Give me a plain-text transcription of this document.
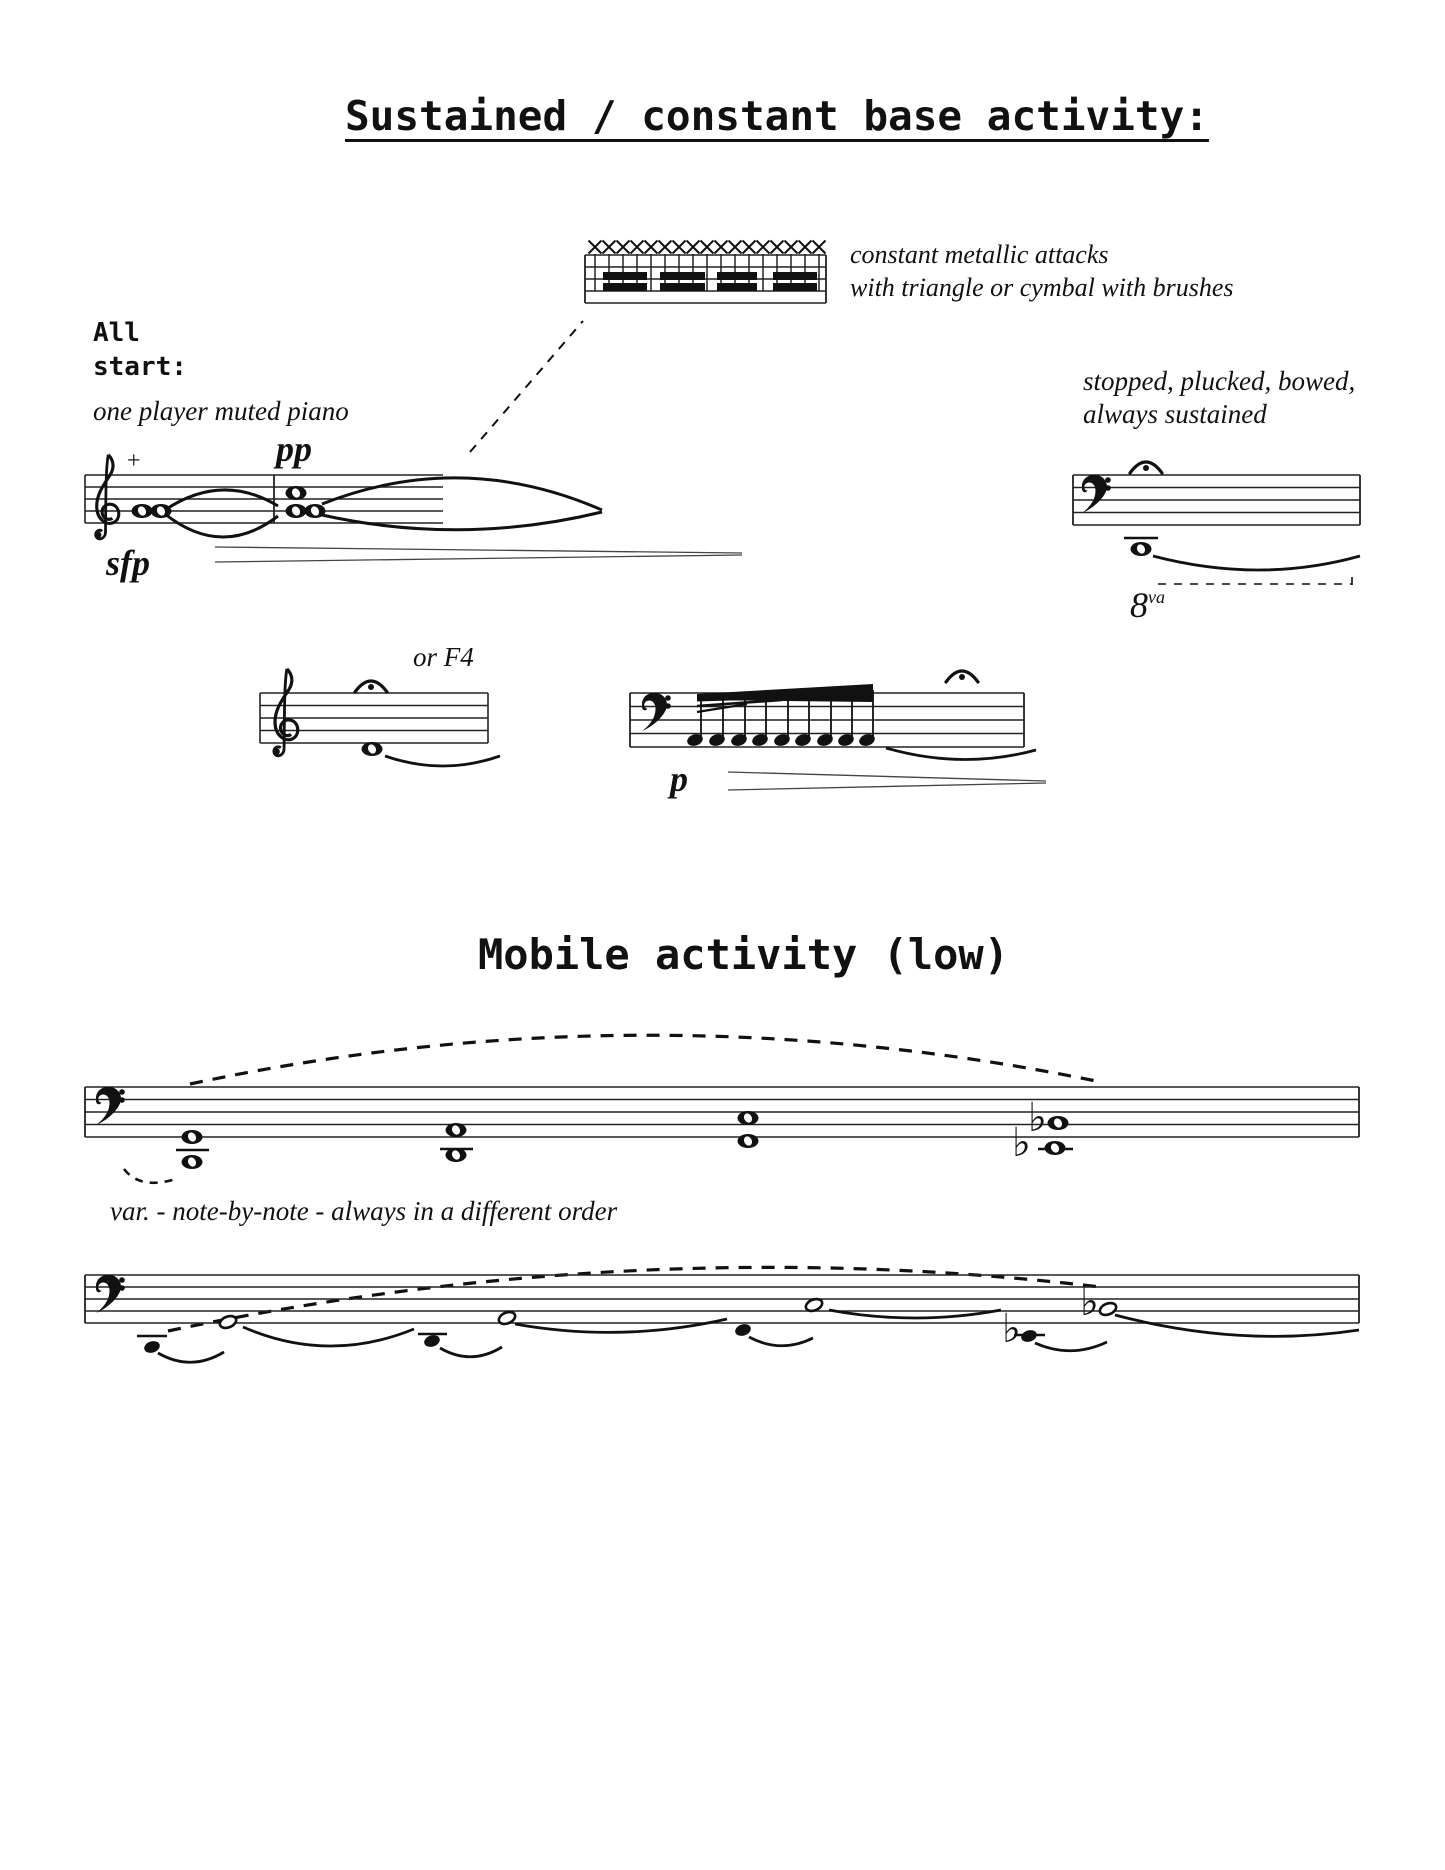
♭
♭
♭
♭
Sustained / constant base activity:
constant metallic attacks
with triangle or cymbal with brushes
All
start:
one player muted piano
stopped, plucked, bowed,
always sustained
+	pp
sfp

8va

or F4
p
Mobile activity (low)
var. - note-by-note - always in a different order
